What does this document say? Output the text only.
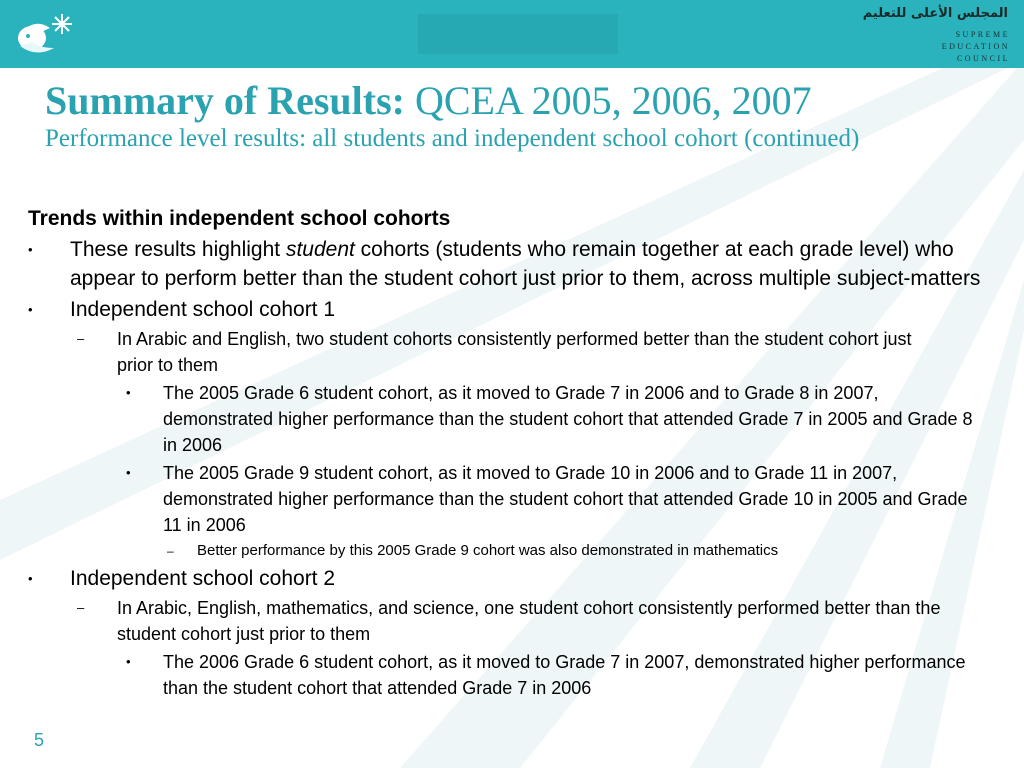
المجلس الأعلى للتعليم
SUPREME
EDUCATION
COUNCIL
Summary of Results: QCEA 2005, 2006, 2007
Performance level results: all students and independent school cohort (continued)
Trends within independent school cohorts
• These results highlight student cohorts (students who remain together at each grade level) who appear to perform better than the student cohort just prior to them, across multiple subject-matters
• Independent school cohort 1
– In Arabic and English, two student cohorts consistently performed better than the student cohort just prior to them
• The 2005 Grade 6 student cohort, as it moved to Grade 7 in 2006 and to Grade 8 in 2007, demonstrated higher performance than the student cohort that attended Grade 7 in 2005 and Grade 8 in 2006
• The 2005 Grade 9 student cohort, as it moved to Grade 10 in 2006 and to Grade 11 in 2007, demonstrated higher performance than the student cohort that attended Grade 10 in 2005 and Grade 11 in 2006
– Better performance by this 2005 Grade 9 cohort was also demonstrated in mathematics
• Independent school cohort 2
– In Arabic, English, mathematics, and science, one student cohort consistently performed better than the student cohort just prior to them
• The 2006 Grade 6 student cohort, as it moved to Grade 7 in 2007, demonstrated higher performance than the student cohort that attended Grade 7 in 2006
5
